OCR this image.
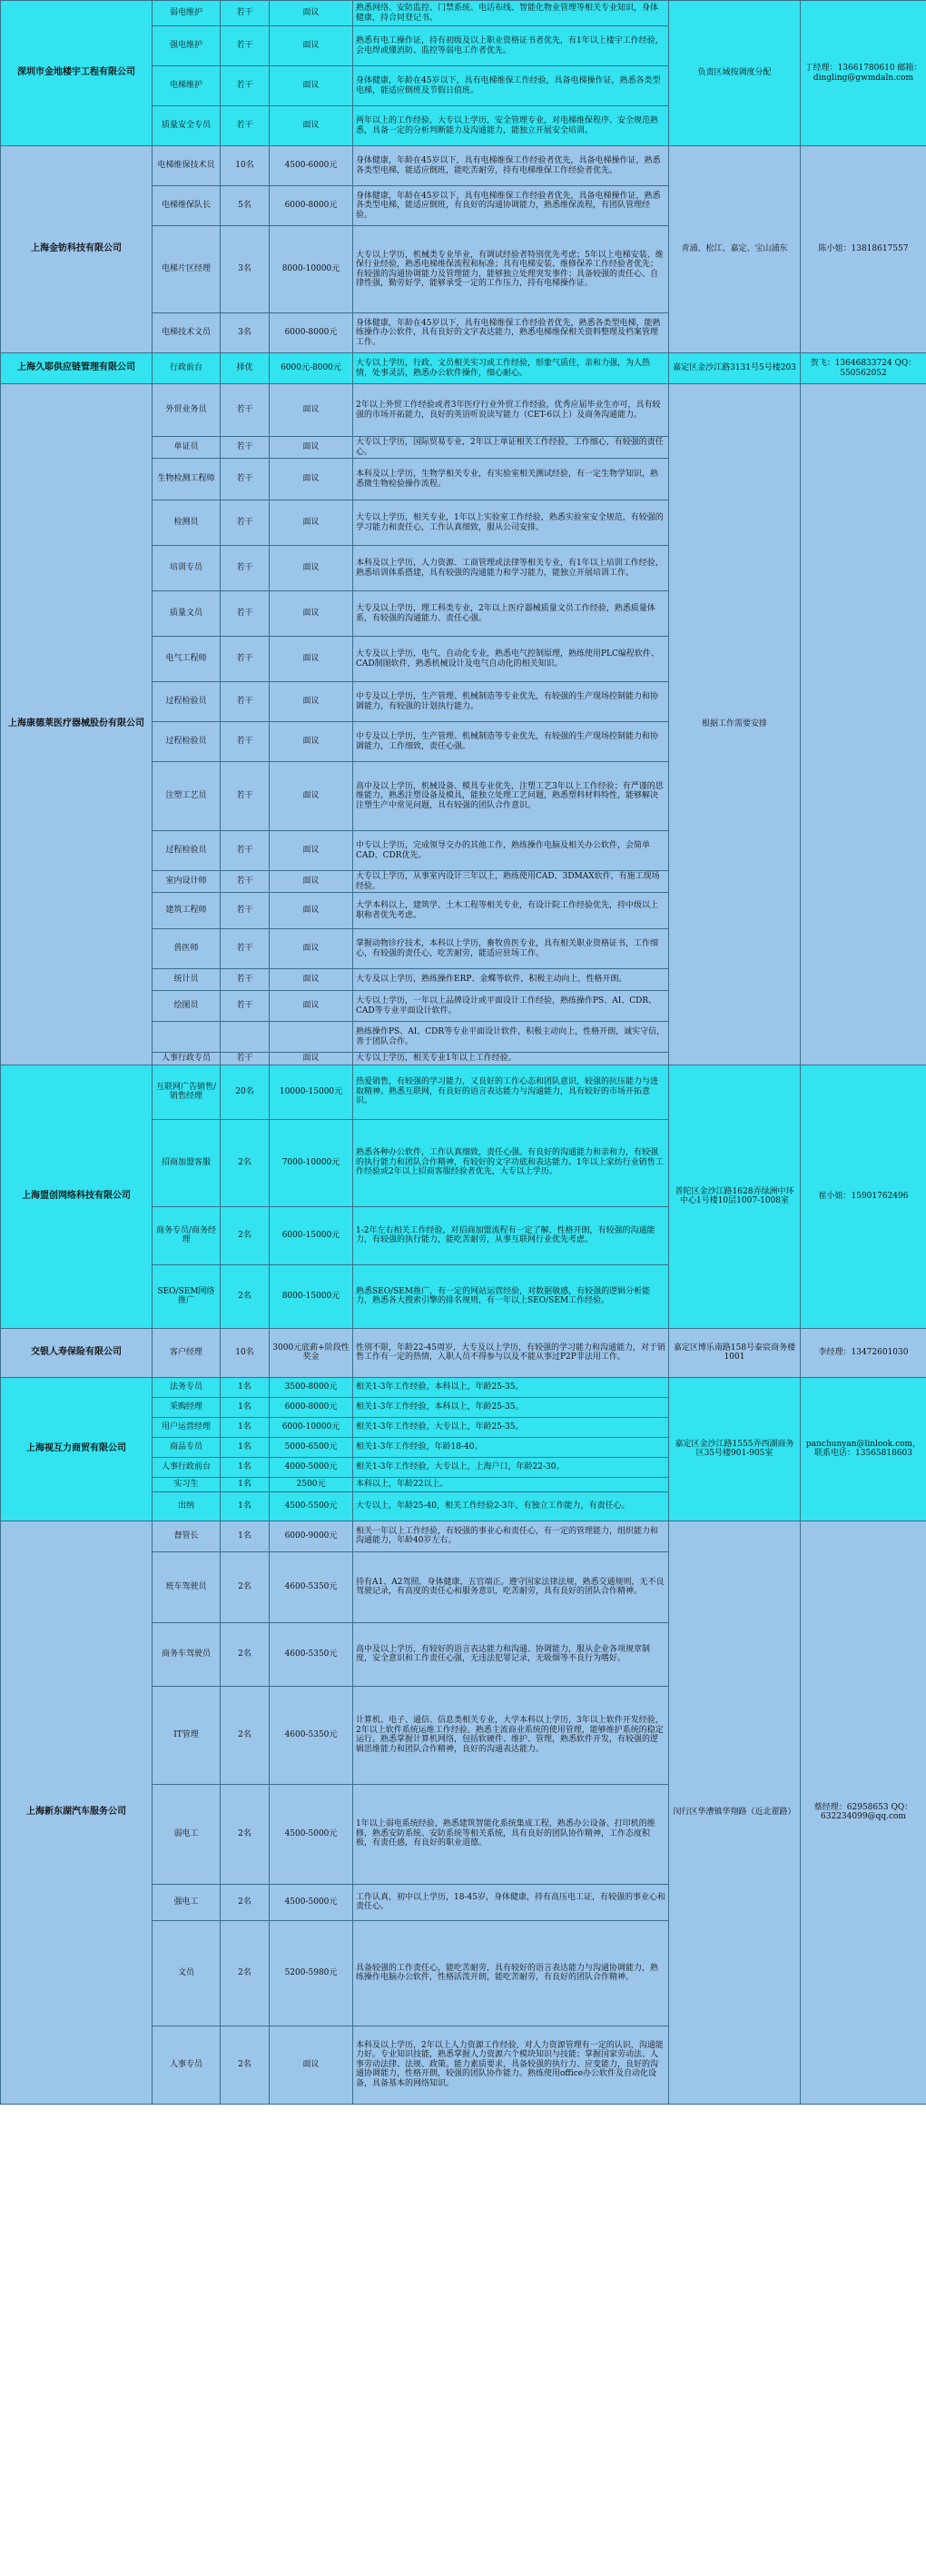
深圳市金地楼宇工程有限公司	弱电维护	若干	面议	熟悉网络、安防监控、门禁系统、电话布线、智能化物业管理等相关专业知识，身体健康，持合同登记书。	负责区域按调度分配	丁经理：13661780610 邮箱：dingling@gwmdaln.com
	强电维护	若干	面议	熟悉有电工操作证，持有初级及以上职业资格证书者优先，有1年以上楼宇工作经验，会电焊或懂消防、监控等弱电工作者优先。		
	电梯维护	若干	面议	身体健康，年龄在45岁以下，具有电梯维保工作经验，具备电梯操作证，熟悉各类型电梯，能适应倒班及节假日值班。		
	质量安全专员	若干	面议	两年以上的工作经验，大专以上学历，安全管理专业，对电梯维保程序、安全规范熟悉，具备一定的分析判断能力及沟通能力，能独立开展安全培训。		
上海金钫科技有限公司	电梯维保技术员	10名	4500-6000元	身体健康，年龄在45岁以下，具有电梯维保工作经验者优先，具备电梯操作证，熟悉各类型电梯，能适应倒班，能吃苦耐劳，持有电梯维保工作经验者优先。	青浦、松江、嘉定、宝山浦东	陈小姐：13818617557
	电梯维保队长	5名	6000-8000元	身体健康，年龄在45岁以下，具有电梯维保工作经验者优先，具备电梯操作证，熟悉各类型电梯，能适应倒班，有良好的沟通协调能力，熟悉维保流程，有团队管理经验。		
	电梯片区经理	3名	8000-10000元	大专以上学历，机械类专业毕业，有调试经验者特别优先考虑；5年以上电梯安装、维保行业经验，熟悉电梯维保流程和标准；具有电梯安装、维修保养工作经验者优先；有较强的沟通协调能力及管理能力，能够独立处理突发事件；具备较强的责任心、自律性强，勤劳好学，能够承受一定的工作压力，持有电梯操作证。		
	电梯技术文员	3名	6000-8000元	身体健康，年龄在45岁以下，具有电梯维保工作经验者优先，熟悉各类型电梯，能熟练操作办公软件，具有良好的文字表达能力，熟悉电梯维保相关资料整理及档案管理工作。		
上海久耶供应链管理有限公司	行政前台	择优	6000元-8000元	大专以上学历，行政、文员相关实习或工作经验，形象气质佳，亲和力强，为人热情，处事灵活，熟悉办公软件操作，细心耐心。	嘉定区金沙江路3131号5号楼203	贺飞：13646833724 QQ：550562052
上海康德莱医疗器械股份有限公司	外贸业务员	若干	面议	2年以上外贸工作经验或者3年医疗行业外贸工作经验，优秀应届毕业生亦可，具有较强的市场开拓能力，良好的英语听说读写能力（CET-6以上）及商务沟通能力。	根据工作需要安排	
	单证员	若干	面议	大专以上学历，国际贸易专业，2年以上单证相关工作经验，工作细心，有较强的责任心。		
	生物检测工程师	若干	面议	本科及以上学历，生物学相关专业，有实验室相关测试经验，有一定生物学知识，熟悉微生物检验操作流程。		
	检测员	若干	面议	大专以上学历，相关专业，1年以上实验室工作经验，熟悉实验室安全规范，有较强的学习能力和责任心，工作认真细致，服从公司安排。		
	培训专员	若干	面议	本科及以上学历，人力资源、工商管理或法律等相关专业，有1年以上培训工作经验，熟悉培训体系搭建，具有较强的沟通能力和学习能力，能独立开展培训工作。		
	质量文员	若干	面议	大专及以上学历，理工科类专业，2年以上医疗器械质量文员工作经验，熟悉质量体系，有较强的沟通能力、责任心强。		
	电气工程师	若干	面议	大专及以上学历，电气、自动化专业，熟悉电气控制原理，熟练使用PLC编程软件、CAD制图软件，熟悉机械设计及电气自动化的相关知识。		
	过程检验员	若干	面议	中专及以上学历，生产管理、机械制造等专业优先，有较强的生产现场控制能力和协调能力，有较强的计划执行能力。		
	过程检验员	若干	面议	中专及以上学历，生产管理、机械制造等专业优先，有较强的生产现场控制能力和协调能力，工作细致，责任心强。		
	注塑工艺员	若干	面议	高中及以上学历，机械设备、模具专业优先，注塑工艺3年以上工作经验；有严谨的思维能力，熟悉注塑设备及模具，能独立处理工艺问题，熟悉塑料材料特性，能够解决注塑生产中常见问题，具有较强的团队合作意识。		
	过程检验员	若干	面议	中专以上学历，完成领导交办的其他工作，熟练操作电脑及相关办公软件，会简单CAD、CDR优先。		
	室内设计师	若干	面议	大专以上学历，从事室内设计三年以上，熟练使用CAD、3DMAX软件，有施工现场经验。		
	建筑工程师	若干	面议	大学本科以上，建筑学、土木工程等相关专业，有设计院工作经验优先，持中级以上职称者优先考虑。		
	兽医师	若干	面议	掌握动物诊疗技术，本科以上学历，畜牧兽医专业，具有相关职业资格证书，工作细心，有较强的责任心，吃苦耐劳，能适应驻场工作。		
	统计员	若干	面议	大专及以上学历，熟练操作ERP、金蝶等软件，积极主动向上，性格开朗。		
	绘图员	若干	面议	大专以上学历，一年以上品牌设计或平面设计工作经验，熟练操作PS、AI、CDR、CAD等专业平面设计软件。		
				熟练操作PS、AI、CDR等专业平面设计软件，积极主动向上，性格开朗，诚实守信，善于团队合作。		
	人事行政专员	若干	面议	大专以上学历，相关专业1年以上工作经验。		
上海盟创网络科技有限公司	互联网广告销售/销售经理	20名	10000-15000元	热爱销售，有较强的学习能力，又良好的工作心态和团队意识，较强的抗压能力与进取精神。熟悉互联网，有良好的语言表达能力与沟通能力，具有较好的市场开拓意识。	普陀区金沙江路1628弄绿洲中环中心1号楼10层1007-1008室	崔小姐：15901762496
	招商加盟客服	2名	7000-10000元	熟悉各种办公软件，工作认真细致，责任心强。有良好的沟通能力和亲和力，有较强的执行能力和团队合作精神，有较好的文字功底和表达能力。1年以上家纺行业销售工作经验或2年以上招商客服经验者优先，大专以上学历。		
	商务专员/商务经理	2名	6000-15000元	1-2年左右相关工作经验，对招商加盟流程有一定了解，性格开朗，有较强的沟通能力，有较强的执行能力，能吃苦耐劳，从事互联网行业优先考虑。		
	SEO/SEM网络推广	2名	8000-15000元	熟悉SEO/SEM推广，有一定的网站运营经验，对数据敏感，有较强的逻辑分析能力，熟悉各大搜索引擎的排名规则，有一年以上SEO/SEM工作经验。		
交银人寿保险有限公司	客户经理	10名	3000元底薪+阶段性奖金	性别不限，年龄22-45周岁，大专及以上学历，有较强的学习能力和沟通能力，对于销售工作有一定的热情，入职人员不得参与以及不能从事过P2P非法用工作。	嘉定区博乐南路158号泰宸商务楼1001	李经理：13472601030
上海视互力商贸有限公司	法务专员	1名	3500-8000元	相关1-3年工作经验，本科以上，年龄25-35。	嘉定区金沙江路1555弄西湖商务区35号楼901-905室	panchunyan@linlook.com，联系电话：13565818603
	采购经理	1名	6000-8000元	相关1-3年工作经验，本科以上，年龄25-35。		
	用户运营经理	1名	6000-10000元	相关1-3年工作经验，大专以上，年龄25-35。		
	商品专员	1名	5000-6500元	相关1-3年工作经验，年龄18-40。		
	人事行政前台	1名	4000-5000元	相关1-3年工作经验，大专以上，上海户口，年龄22-30。		
	实习生	1名	2500元	本科以上，年龄22以上。		
	出纳	1名	4500-5500元	大专以上，年龄25-40，相关工作经验2-3年，有独立工作能力，有责任心。		
上海新东湖汽车服务公司	督管长	1名	6000-9000元	相关一年以上工作经验，有较强的事业心和责任心，有一定的管理能力，组织能力和沟通能力，年龄40岁左右。	闵行区华漕镇华翔路（近北翟路）	蔡经理：62958653 QQ：632234099@qq.com
	班车驾驶员	2名	4600-5350元	持有A1、A2驾照，身体健康，五官端正。遵守国家法律法规，熟悉交通规则，无不良驾驶记录，有高度的责任心和服务意识，吃苦耐劳，具有良好的团队合作精神。		
	商务车驾驶员	2名	4600-5350元	高中及以上学历，有较好的语言表达能力和沟通、协调能力，服从企业各项规章制度，安全意识和工作责任心强，无违法犯罪记录，无吸烟等不良行为嗜好。		
	IT管理	2名	4600-5350元	计算机、电子、通信、信息类相关专业，大学本科以上学历，3年以上软件开发经验，2年以上软件系统运维工作经验。熟悉主流商业系统的使用管理，能够维护系统的稳定运行。熟悉掌握计算机网络，包括软硬件、维护、管理，熟悉软件开发，有较强的逻辑思维能力和团队合作精神，良好的沟通表达能力。		
	弱电工	2名	4500-5000元	1年以上弱电系统经验，熟悉建筑智能化系统集成工程，熟悉办公设备、打印机的维修，熟悉安防系统、安防系统等相关系统，具有良好的团队协作精神，工作态度积极，有责任感，有良好的职业道德。		
	强电工	2名	4500-5000元	工作认真，初中以上学历，18-45岁，身体健康，持有高压电工证，有较强的事业心和责任心。		
	文员	2名	5200-5980元	具备较强的工作责任心，能吃苦耐劳，具有较好的语言表达能力与沟通协调能力，熟练操作电脑办公软件，性格活泼开朗，能吃苦耐劳，有良好的团队合作精神。		
	人事专员	2名	面议	本科及以上学历，2年以上人力资源工作经验，对人力资源管理有一定的认识，沟通能力好。专业知识技能，熟悉掌握人力资源六个模块知识与技能；掌握国家劳动法、人事劳动法律、法规、政策。能力素质要求，具备较强的执行力、应变能力，良好的沟通协调能力，性格开朗，较强的团队协作能力。熟练使用office办公软件及自动化设备，具备基本的网络知识。		
